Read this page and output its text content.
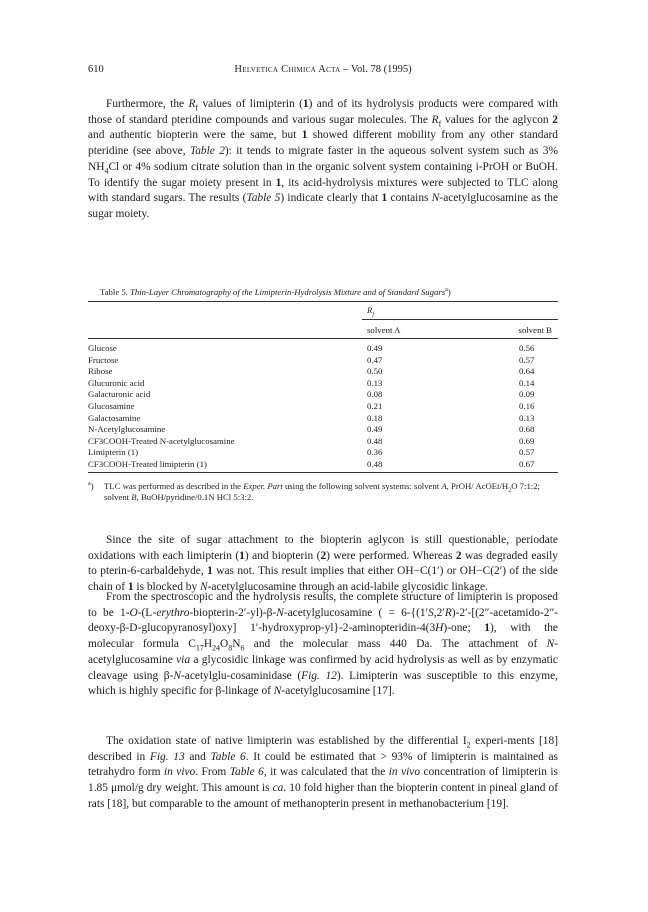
610	Helvetica Chimica Acta – Vol. 78 (1995)

Furthermore, the $R_f$ values of limipterin (1) and of its hydrolysis products were compared with those of standard pteridine compounds and various sugar molecules. The $R_f$ values for the aglycon 2 and authentic biopterin were the same, but 1 showed different mobility from any other standard pteridine (see above, Table 2): it tends to migrate faster in the aqueous solvent system such as 3% $NH_4Cl$ or 4% sodium citrate solution than in the organic solvent system containing i-PrOH or BuOH. To identify the sugar moiety present in 1, its acid-hydrolysis mixtures were subjected to TLC along with standard sugars. The results (Table 5) indicate clearly that 1 contains N-acetylglucosamine as the sugar moiety.

Table 5. Thin-Layer Chromatography of the Limipterin-Hydrolysis Mixture and of Standard Sugars$^a$)
$R_f$
solvent A	solvent B
Glucose	0.49	0.56
Fructose	0.47	0.57
Ribose	0.50	0.64
Glucuronic acid	0.13	0.14
Galacturonic acid	0.08	0.09
Glucosamine	0.21	0.16
Galactosamine	0.18	0.13
N-Acetylglucosamine	0.49	0.68
CF3COOH-Treated N-acetylglucosamine	0.48	0.69
Limipterin (1)	0.36	0.57
CF3COOH-Treated limipterin (1)	0.48	0.67
$^a$) TLC was performed as described in the Exper. Part using the following solvent systems: solvent A, PrOH/ AcOEt/$H_2O$ 7:1:2; solvent B, BuOH/pyridine/0.1N HCl 5:3:2.

Since the site of sugar attachment to the biopterin aglycon is still questionable, periodate oxidations with each limipterin (1) and biopterin (2) were performed. Whereas 2 was degraded easily to pterin-6-carbaldehyde, 1 was not. This result implies that either OH−C(1′) or OH−C(2′) of the side chain of 1 is blocked by N-acetylglucosamine through an acid-labile glycosidic linkage.

From the spectroscopic and the hydrolysis results, the complete structure of limipterin is proposed to be 1-O-(L-erythro-biopterin-2′-yl)-β-N-acetylglucosamine ( = 6-{(1′S,2′R)-2′-[(2″-acetamido-2″-deoxy-β-D-glucopyranosyl)oxy] 1′-hydroxyprop-yl}-2-aminopteridin-4(3H)-one; 1), with the molecular formula $C_{17}H_{24}O_8N_6$ and the molecular mass 440 Da. The attachment of N-acetylglucosamine via a glycosidic linkage was confirmed by acid hydrolysis as well as by enzymatic cleavage using β-N-acetylglu-cosaminidase (Fig. 12). Limipterin was susceptible to this enzyme, which is highly specific for β-linkage of N-acetylglucosamine [17].

The oxidation state of native limipterin was established by the differential $I_2$ experi-ments [18] described in Fig. 13 and Table 6. It could be estimated that > 93% of limipterin is maintained as tetrahydro form in vivo. From Table 6, it was calculated that the in vivo concentration of limipterin is 1.85 μmol/g dry weight. This amount is ca. 10 fold higher than the biopterin content in pineal gland of rats [18], but comparable to the amount of methanopterin present in methanobacterium [19].
